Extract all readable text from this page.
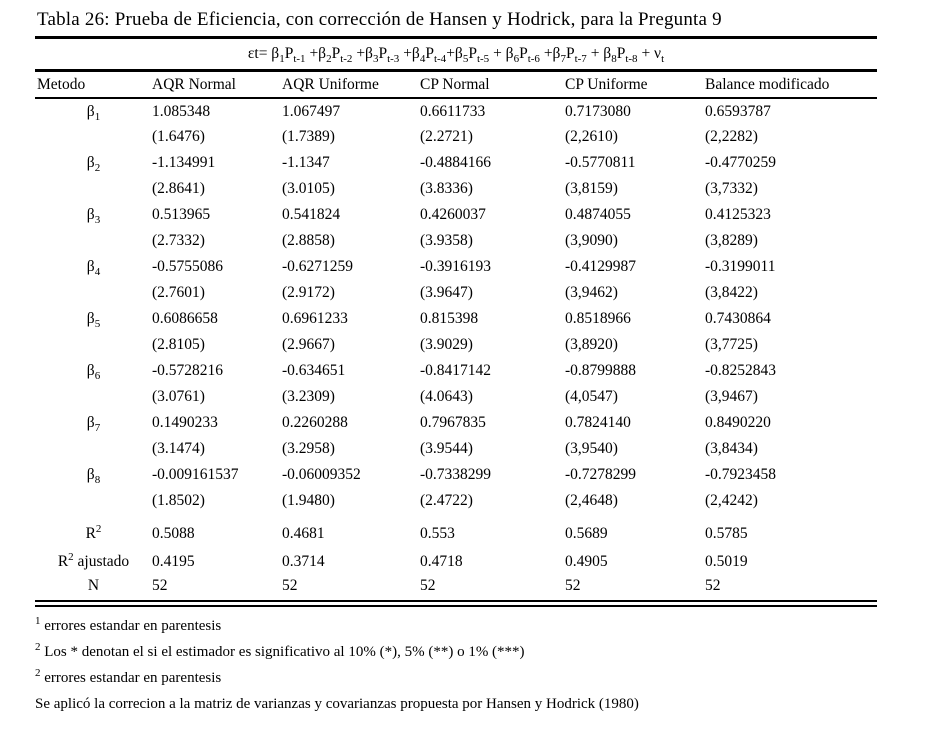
Tabla 26: Prueba de Eficiencia, con corrección de Hansen y Hodrick, para la Pregunta 9
$\varepsilon t= \beta_1P_{t-1} +\beta_2P_{t-2} +\beta_3P_{t-3} +\beta_4P_{t-4}+\beta_5P_{t-5} + \beta_6P_{t-6} +\beta_7P_{t-7} + \beta_8P_{t-8} + \nu_t$
Metodo	AQR Normal	AQR Uniforme	CP Normal	CP Uniforme	Balance modificado
$\beta_1$	1.085348	1.067497	0.6611733	0.7173080	0.6593787
	(1.6476)	(1.7389)	(2.2721)	(2,2610)	(2,2282)
$\beta_2$	-1.134991	-1.1347	-0.4884166	-0.5770811	-0.4770259
	(2.8641)	(3.0105)	(3.8336)	(3,8159)	(3,7332)
$\beta_3$	0.513965	0.541824	0.4260037	0.4874055	0.4125323
	(2.7332)	(2.8858)	(3.9358)	(3,9090)	(3,8289)
$\beta_4$	-0.5755086	-0.6271259	-0.3916193	-0.4129987	-0.3199011
	(2.7601)	(2.9172)	(3.9647)	(3,9462)	(3,8422)
$\beta_5$	0.6086658	0.6961233	0.815398	0.8518966	0.7430864
	(2.8105)	(2.9667)	(3.9029)	(3,8920)	(3,7725)
$\beta_6$	-0.5728216	-0.634651	-0.8417142	-0.8799888	-0.8252843
	(3.0761)	(3.2309)	(4.0643)	(4,0547)	(3,9467)
$\beta_7$	0.1490233	0.2260288	0.7967835	0.7824140	0.8490220
	(3.1474)	(3.2958)	(3.9544)	(3,9540)	(3,8434)
$\beta_8$	-0.009161537	-0.06009352	-0.7338299	-0.7278299	-0.7923458
	(1.8502)	(1.9480)	(2.4722)	(2,4648)	(2,4242)
$R^2$	0.5088	0.4681	0.553	0.5689	0.5785
$R^2$ ajustado	0.4195	0.3714	0.4718	0.4905	0.5019
N	52	52	52	52	52

$^1$ errores estandar en parentesis

$^2$ Los * denotan el si el estimador es significativo al 10% (*), 5% (**) o 1% (***)

$^2$ errores estandar en parentesis

Se aplicó la correcion a la matriz de varianzas y covarianzas propuesta por Hansen y Hodrick (1980)
